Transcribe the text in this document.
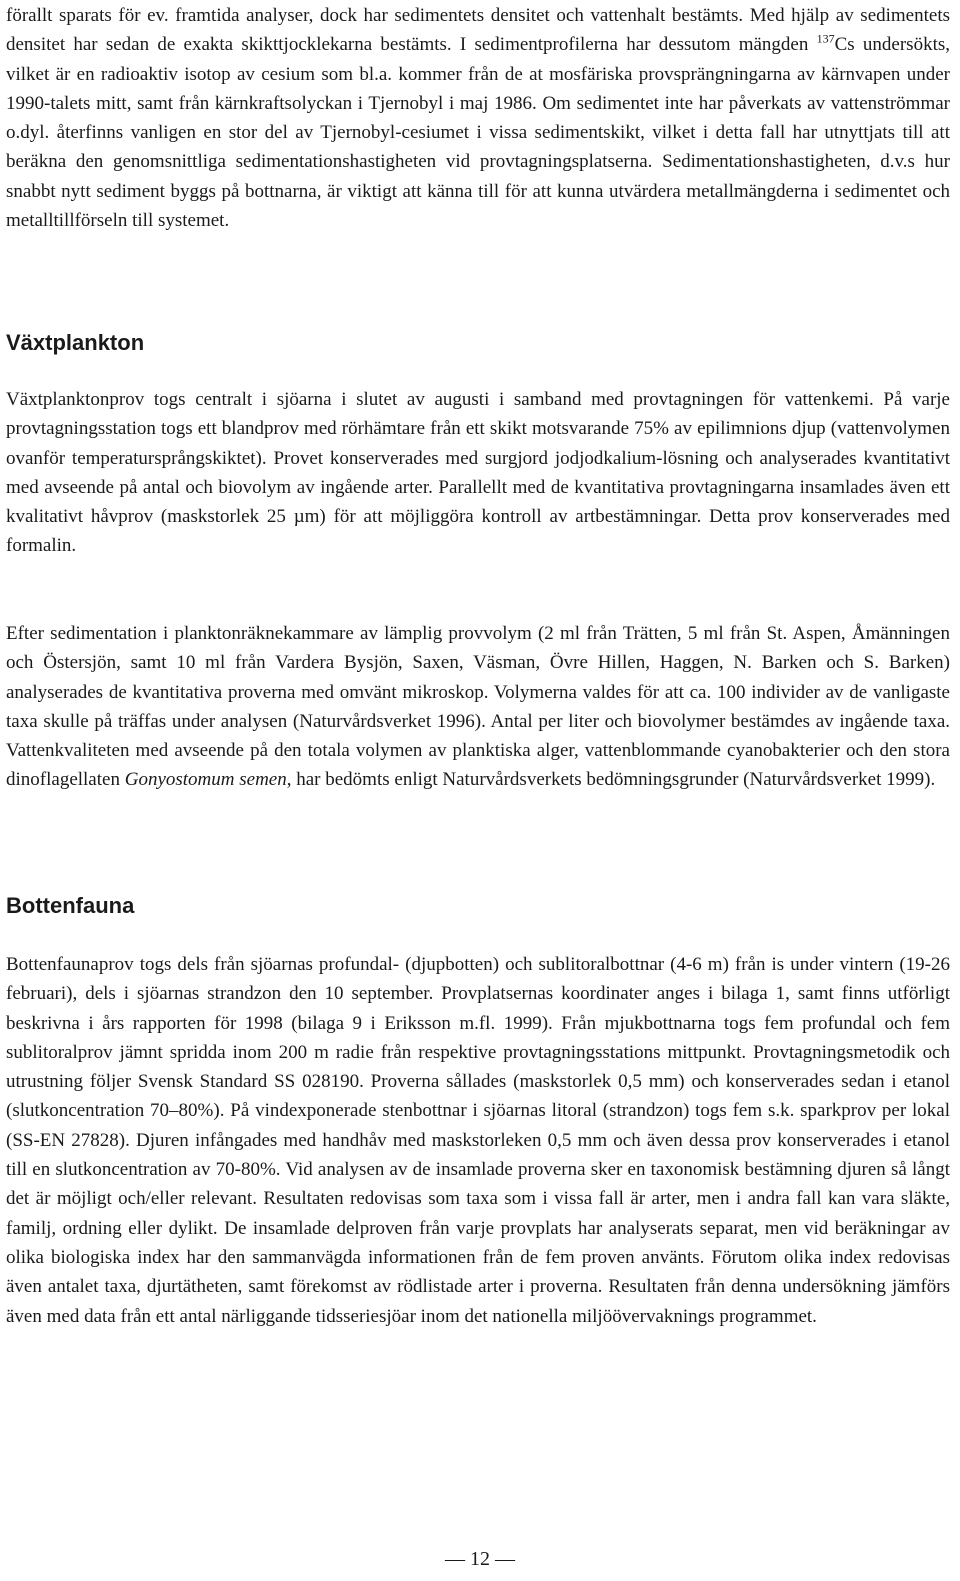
förallt sparats för ev. framtida analyser, dock har sedimentets densitet och vattenhalt bestämts. Med hjälp av sedimentets densitet har sedan de exakta skikttjocklekarna bestämts. I sedimentprofilerna har dessutom mängden $^{137}$Cs undersökts, vilket är en radioaktiv isotop av cesium som bl.a. kommer från de at mosfäriska provsprängningarna av kärnvapen under 1990-talets mitt, samt från kärnkraftsolyckan i Tjernobyl i maj 1986. Om sedimentet inte har påverkats av vattenströmmar o.dyl. återfinns vanligen en stor del av Tjernobyl-cesiumet i vissa sedimentskikt, vilket i detta fall har utnyttjats till att beräkna den genomsnittliga sedimentationshastigheten vid provtagningsplatserna. Sedimentationshastigheten, d.v.s hur snabbt nytt sediment byggs på bottnarna, är viktigt att känna till för att kunna utvärdera metallmängderna i sedimentet och metalltillförseln till systemet.

Växtplankton

Växtplanktonprov togs centralt i sjöarna i slutet av augusti i samband med provtagningen för vattenkemi. På varje provtagningsstation togs ett blandprov med rörhämtare från ett skikt motsvarande 75% av epilimnions djup (vattenvolymen ovanför temperatursprångskiktet). Provet konserverades med surgjord jodjodkalium-lösning och analyserades kvantitativt med avseende på antal och biovolym av ingående arter. Parallellt med de kvantitativa provtagningarna insamlades även ett kvalitativt håvprov (maskstorlek 25 µm) för att möjliggöra kontroll av artbestämningar. Detta prov konserverades med formalin.

Efter sedimentation i planktonräknekammare av lämplig provvolym (2 ml från Trätten, 5 ml från St. Aspen, Åmänningen och Östersjön, samt 10 ml från Vardera Bysjön, Saxen, Väsman, Övre Hillen, Haggen, N. Barken och S. Barken) analyserades de kvantitativa proverna med omvänt mikroskop. Volymerna valdes för att ca. 100 individer av de vanligaste taxa skulle på träffas under analysen (Naturvårdsverket 1996). Antal per liter och biovolymer bestämdes av ingående taxa. Vattenkvaliteten med avseende på den totala volymen av planktiska alger, vattenblommande cyanobakterier och den stora dinoflagellaten Gonyostomum semen, har bedömts enligt Naturvårdsverkets bedömningsgrunder (Naturvårdsverket 1999).

Bottenfauna

Bottenfaunaprov togs dels från sjöarnas profundal- (djupbotten) och sublitoralbottnar (4-6 m) från is under vintern (19-26 februari), dels i sjöarnas strandzon den 10 september. Provplatsernas koordinater anges i bilaga 1, samt finns utförligt beskrivna i års rapporten för 1998 (bilaga 9 i Eriksson m.fl. 1999). Från mjukbottnarna togs fem profundal och fem sublitoralprov jämnt spridda inom 200 m radie från respektive provtagningsstations mittpunkt. Provtagningsmetodik och utrustning följer Svensk Standard SS 028190. Proverna sållades (maskstorlek 0,5 mm) och konserverades sedan i etanol (slutkoncentration 70–80%). På vindexponerade stenbottnar i sjöarnas litoral (strandzon) togs fem s.k. sparkprov per lokal (SS-EN 27828). Djuren infångades med handhåv med maskstorleken 0,5 mm och även dessa prov konserverades i etanol till en slutkoncentration av 70-80%. Vid analysen av de insamlade proverna sker en taxonomisk bestämning djuren så långt det är möjligt och/eller relevant. Resultaten redovisas som taxa som i vissa fall är arter, men i andra fall kan vara släkte, familj, ordning eller dylikt. De insamlade delproven från varje provplats har analyserats separat, men vid beräkningar av olika biologiska index har den sammanvägda informationen från de fem proven använts. Förutom olika index redovisas även antalet taxa, djurtätheten, samt förekomst av rödlistade arter i proverna. Resultaten från denna undersökning jämförs även med data från ett antal närliggande tidsseriesjöar inom det nationella miljöövervaknings programmet.

— 12 —
